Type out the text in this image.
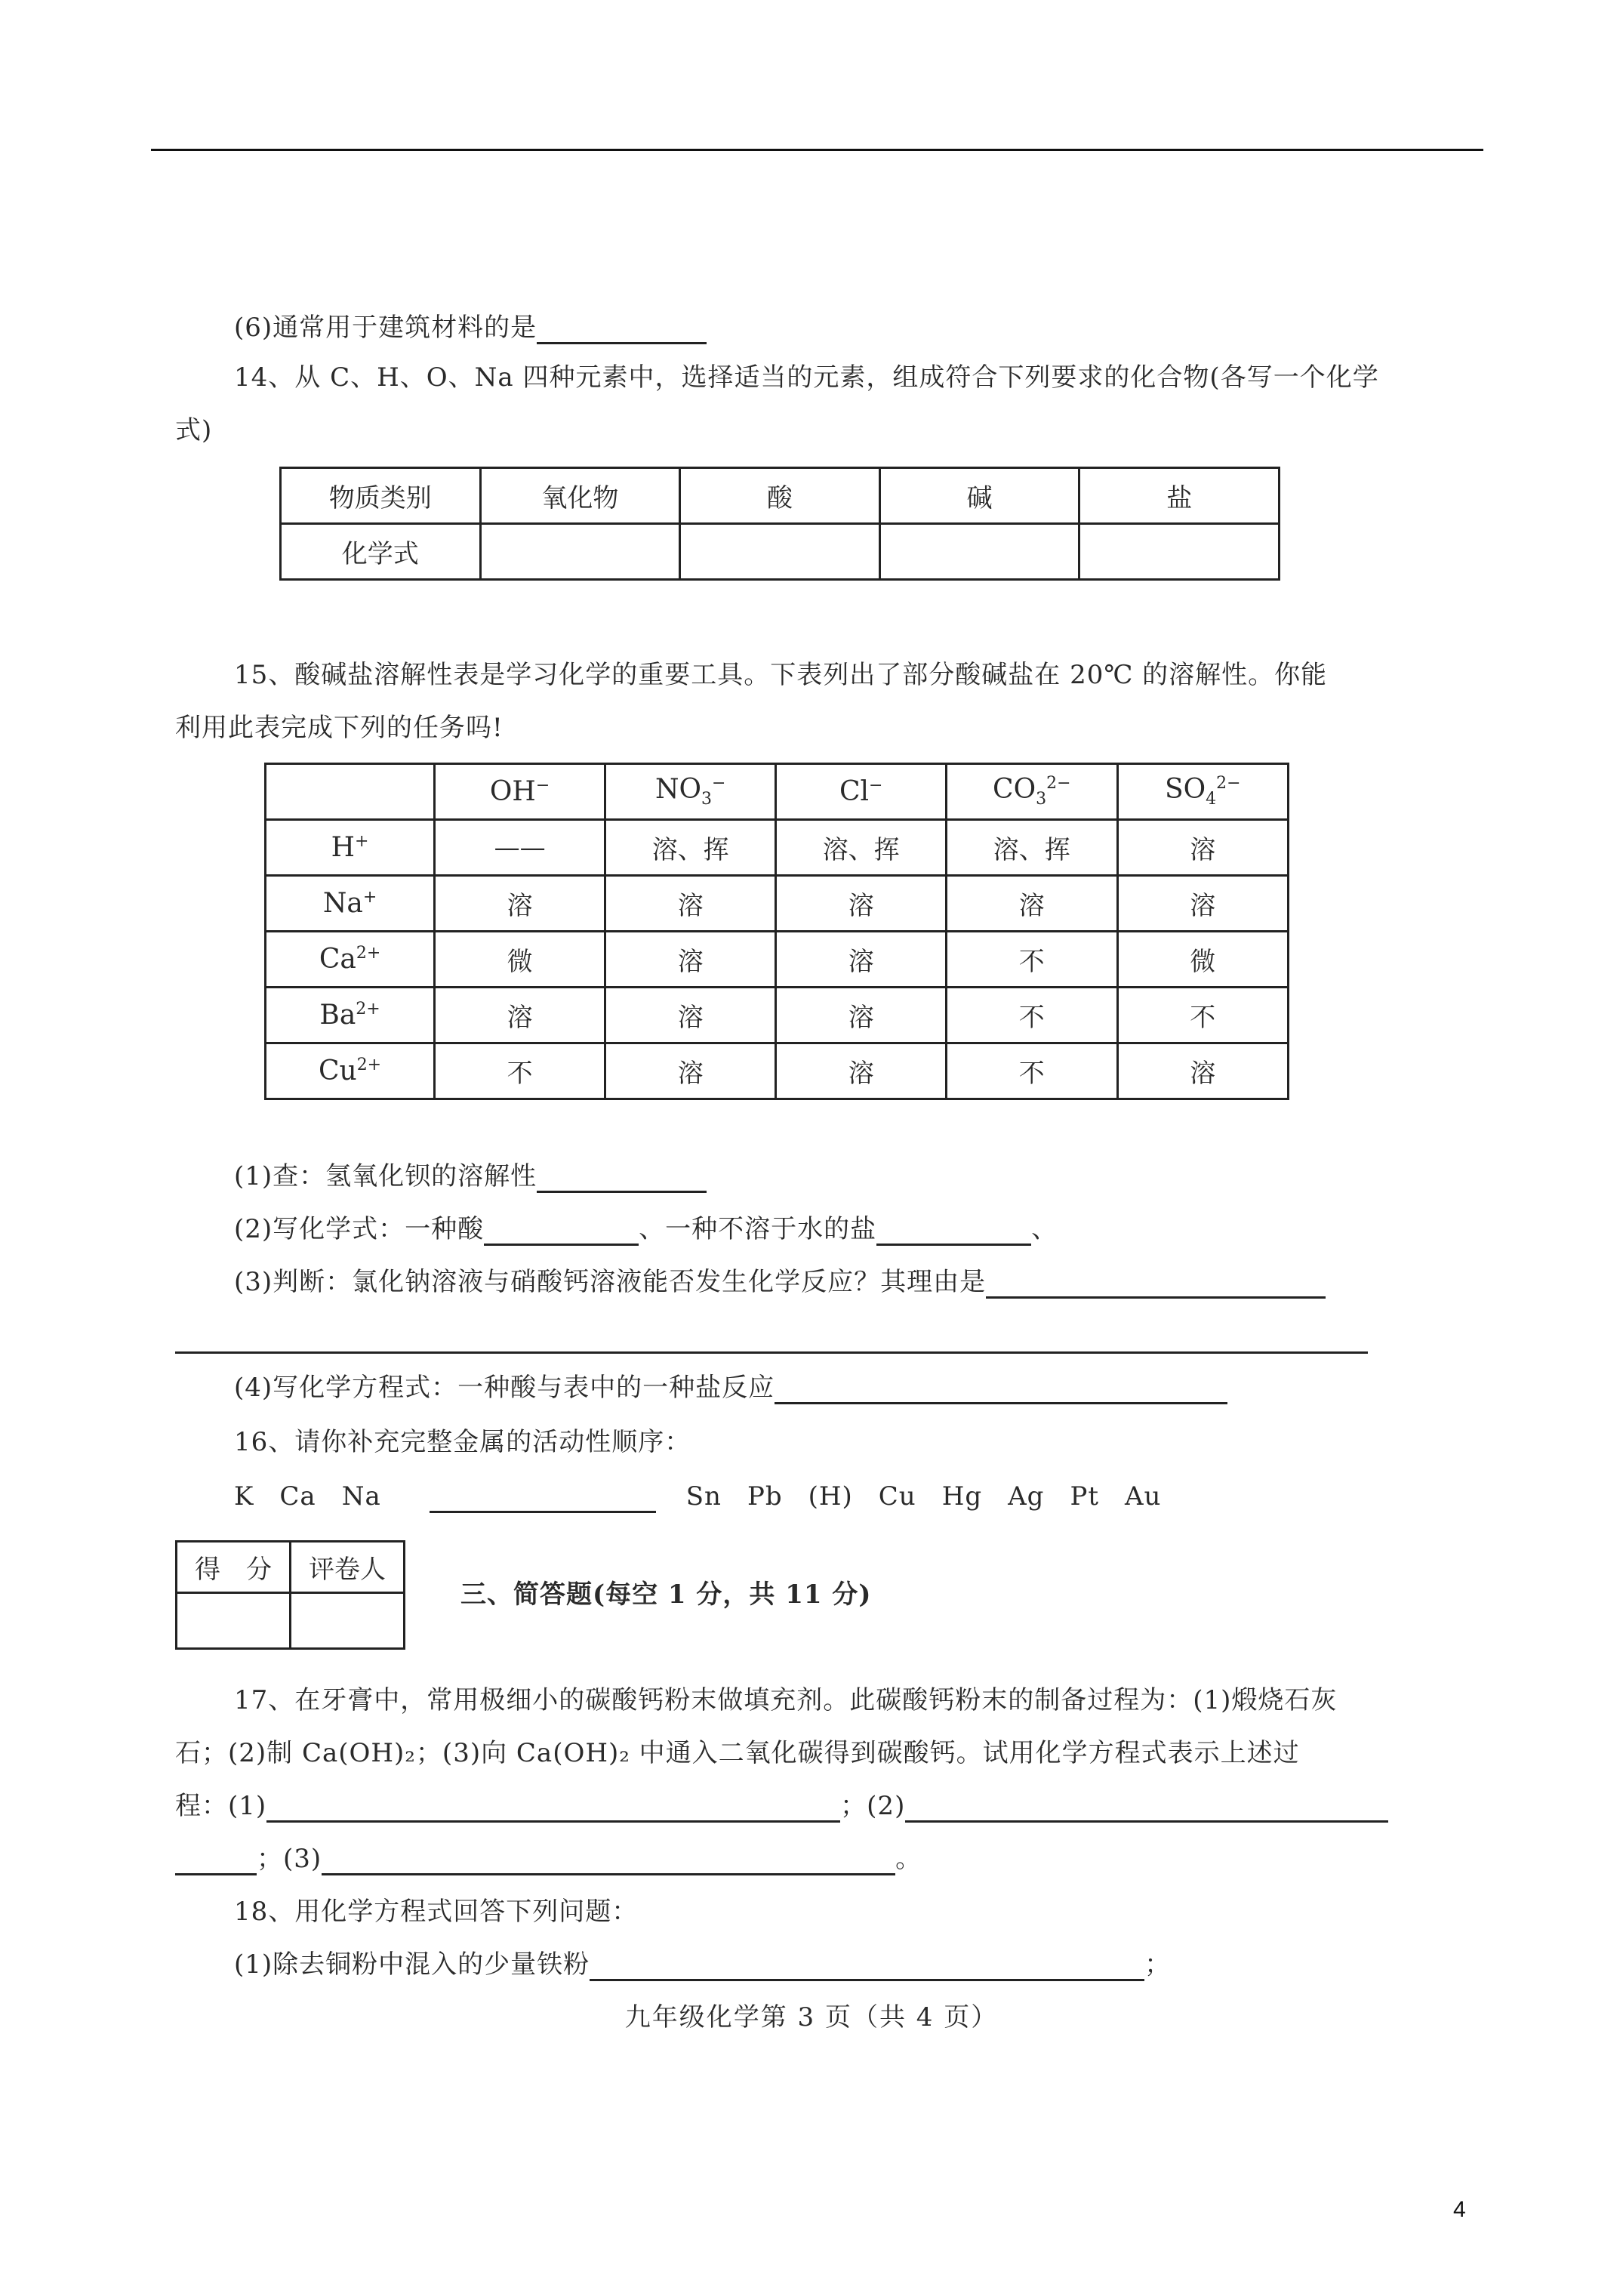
(6)通常用于建筑材料的是
14、从 C、H、O、Na 四种元素中，选择适当的元素，组成符合下列要求的化合物(各写一个化学
式)
物质类别	氧化物	酸	碱	盐
化学式				
15、酸碱盐溶解性表是学习化学的重要工具。下表列出了部分酸碱盐在 20℃ 的溶解性。你能
利用此表完成下列的任务吗!
	OH−	$NO_3^-$	Cl−	$CO_3^{2-}$	$SO_4^{2-}$
H+	——	溶、挥	溶、挥	溶、挥	溶
Na+	溶	溶	溶	溶	溶
$Ca^{2+}$	微	溶	溶	不	微
$Ba^{2+}$	溶	溶	溶	不	不
$Cu^{2+}$	不	溶	溶	不	溶
(1)查：氢氧化钡的溶解性
(2)写化学式：一种酸	、一种不溶于水的盐	、
(3)判断：氯化钠溶液与硝酸钙溶液能否发生化学反应？其理由是
(4)写化学方程式：一种酸与表中的一种盐反应
16、请你补充完整金属的活动性顺序：
K Ca Na	Sn Pb (H) Cu Hg Ag Pt Au
得　分	评卷人

三、简答题(每空 1 分，共 11 分)
17、在牙膏中，常用极细小的碳酸钙粉末做填充剂。此碳酸钙粉末的制备过程为：(1)煅烧石灰
石；(2)制 Ca(OH)₂；(3)向 Ca(OH)₂ 中通入二氧化碳得到碳酸钙。试用化学方程式表示上述过
程：(1)	；(2)
；(3)	。
18、用化学方程式回答下列问题：
(1)除去铜粉中混入的少量铁粉	；
九年级化学第 3 页（共 4 页）
4
